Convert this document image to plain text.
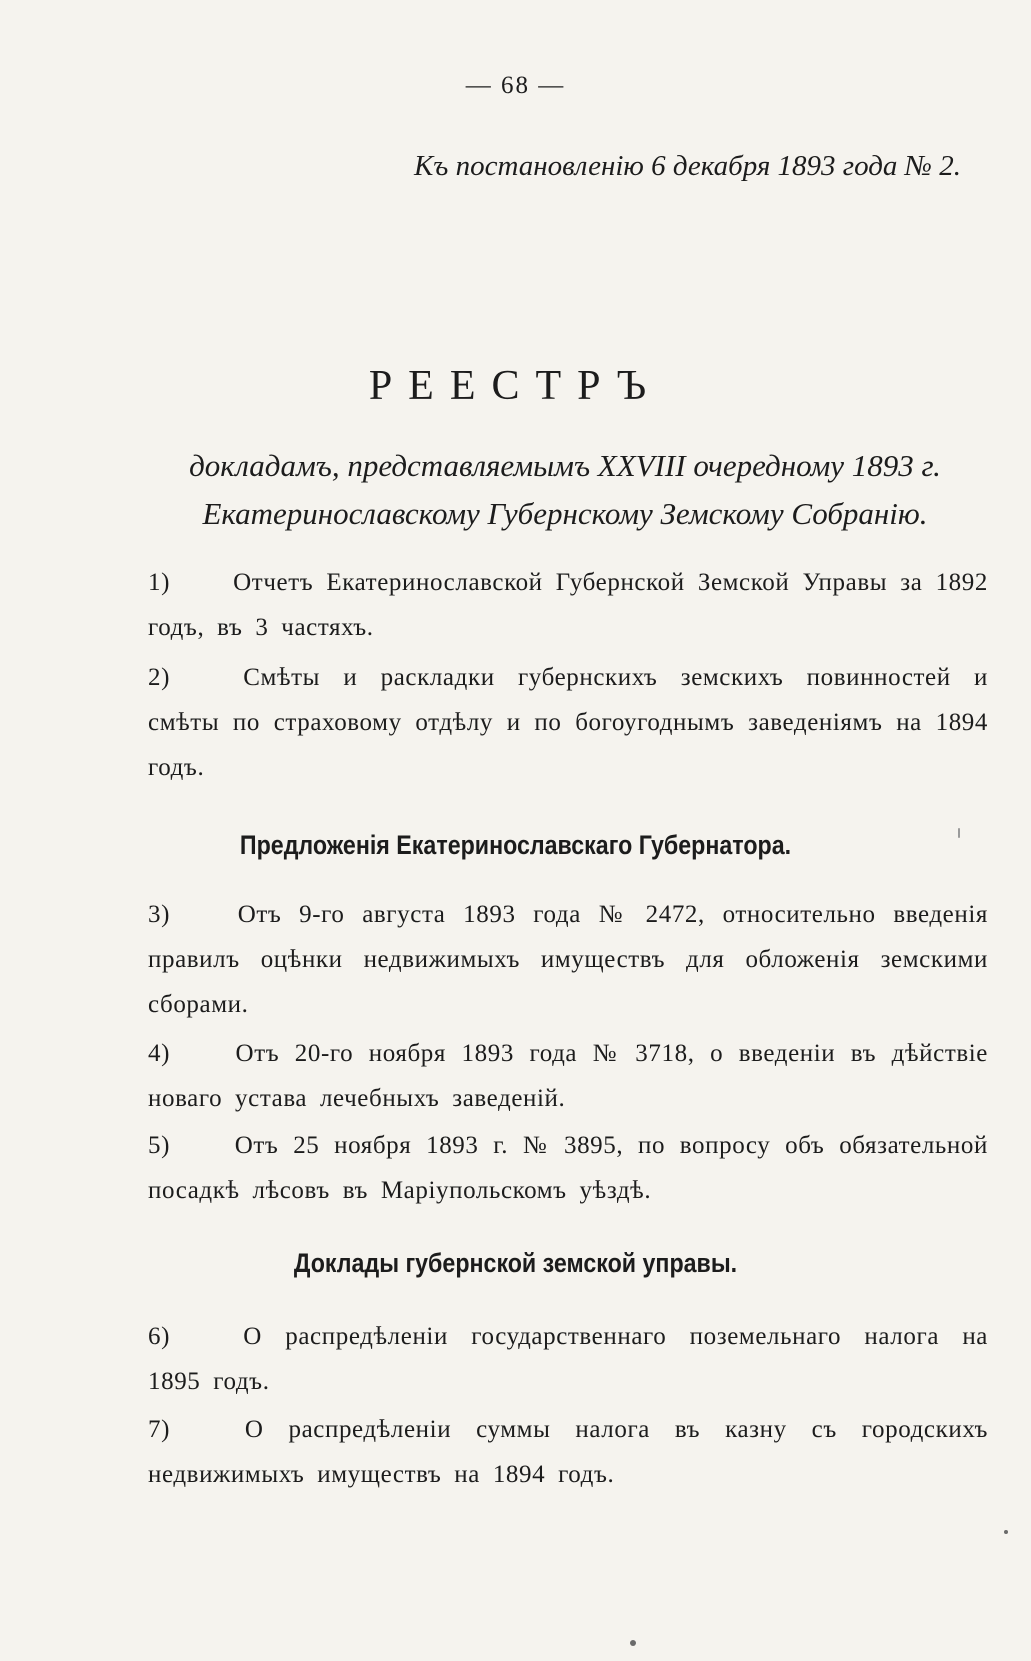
— 68 —
Къ постановленію 6 декабря 1893 года № 2.
РЕЕСТРЪ
докладамъ, представляемымъ XXVIII очередному 1893 г.
Екатеринославскому Губернскому Земскому Собранію.
1)	Отчетъ Екатеринославской Губернской Земской Управы за 1892 годъ, въ 3 частяхъ.
2)	Смѣты и раскладки губернскихъ земскихъ повинностей и смѣты по страховому отдѣлу и по богоугоднымъ заведеніямъ на 1894 годъ.
Предложенія Екатеринославскаго Губернатора.
3)	Отъ 9-го августа 1893 года № 2472, относительно введенія правилъ оцѣнки недвижимыхъ имуществъ для обложенія земскими сборами.
4)	Отъ 20-го ноября 1893 года № 3718, о введеніи въ дѣйствіе новаго устава лечебныхъ заведеній.
5)	Отъ 25 ноября 1893 г. № 3895, по вопросу объ обязательной посадкѣ лѣсовъ въ Маріупольскомъ уѣздѣ.
Доклады губернской земской управы.
6)	О распредѣленіи государственнаго поземельнаго налога на 1895 годъ.
7)	О распредѣленіи суммы налога въ казну съ городскихъ недвижимыхъ имуществъ на 1894 годъ.
